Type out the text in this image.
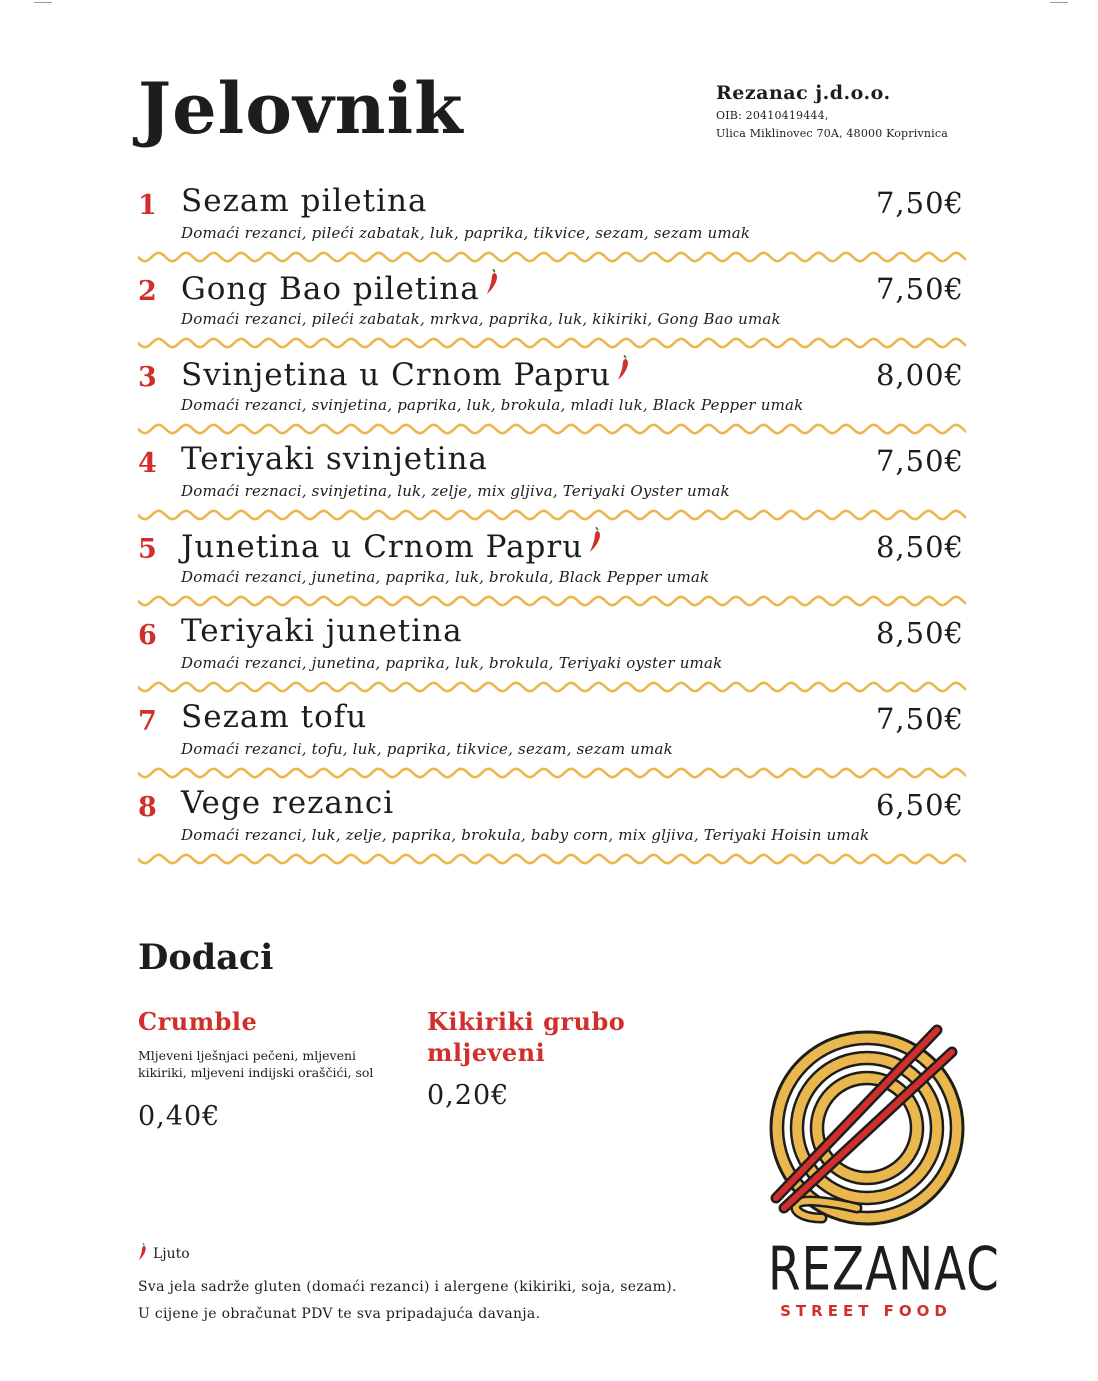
Jelovnik	Rezanac j.d.o.o.
OIB: 20410419444,
Ulica Miklinovec 70A, 48000 Koprivnica
1 Sezam piletina	7,50€
Domaći rezanci, pileći zabatak, luk, paprika, tikvice, sezam, sezam umak
2 Gong Bao piletina	7,50€
Domaći rezanci, pileći zabatak, mrkva, paprika, luk, kikiriki, Gong Bao umak
3 Svinjetina u Crnom Papru	8,00€
Domaći rezanci, svinjetina, paprika, luk, brokula, mladi luk, Black Pepper umak
4 Teriyaki svinjetina	7,50€
Domaći reznaci, svinjetina, luk, zelje, mix gljiva, Teriyaki Oyster umak
5 Junetina u Crnom Papru	8,50€
Domaći rezanci, junetina, paprika, luk, brokula, Black Pepper umak
6 Teriyaki junetina	8,50€
Domaći rezanci, junetina, paprika, luk, brokula, Teriyaki oyster umak
7 Sezam tofu	7,50€
Domaći rezanci, tofu, luk, paprika, tikvice, sezam, sezam umak
8 Vege rezanci	6,50€
Domaći rezanci, luk, zelje, paprika, brokula, baby corn, mix gljiva, Teriyaki Hoisin umak
Dodaci
Crumble
Mljeveni lješnjaci pečeni, mljeveni kikiriki, mljeveni indijski oraščići, sol
0,40€
Kikiriki grubo
mljeveni
0,20€
Ljuto
Sva jela sadrže gluten (domaći rezanci) i alergene (kikiriki, soja, sezam).
U cijene je obračunat PDV te sva pripadajuća davanja.
REZANAC
STREET FOOD
